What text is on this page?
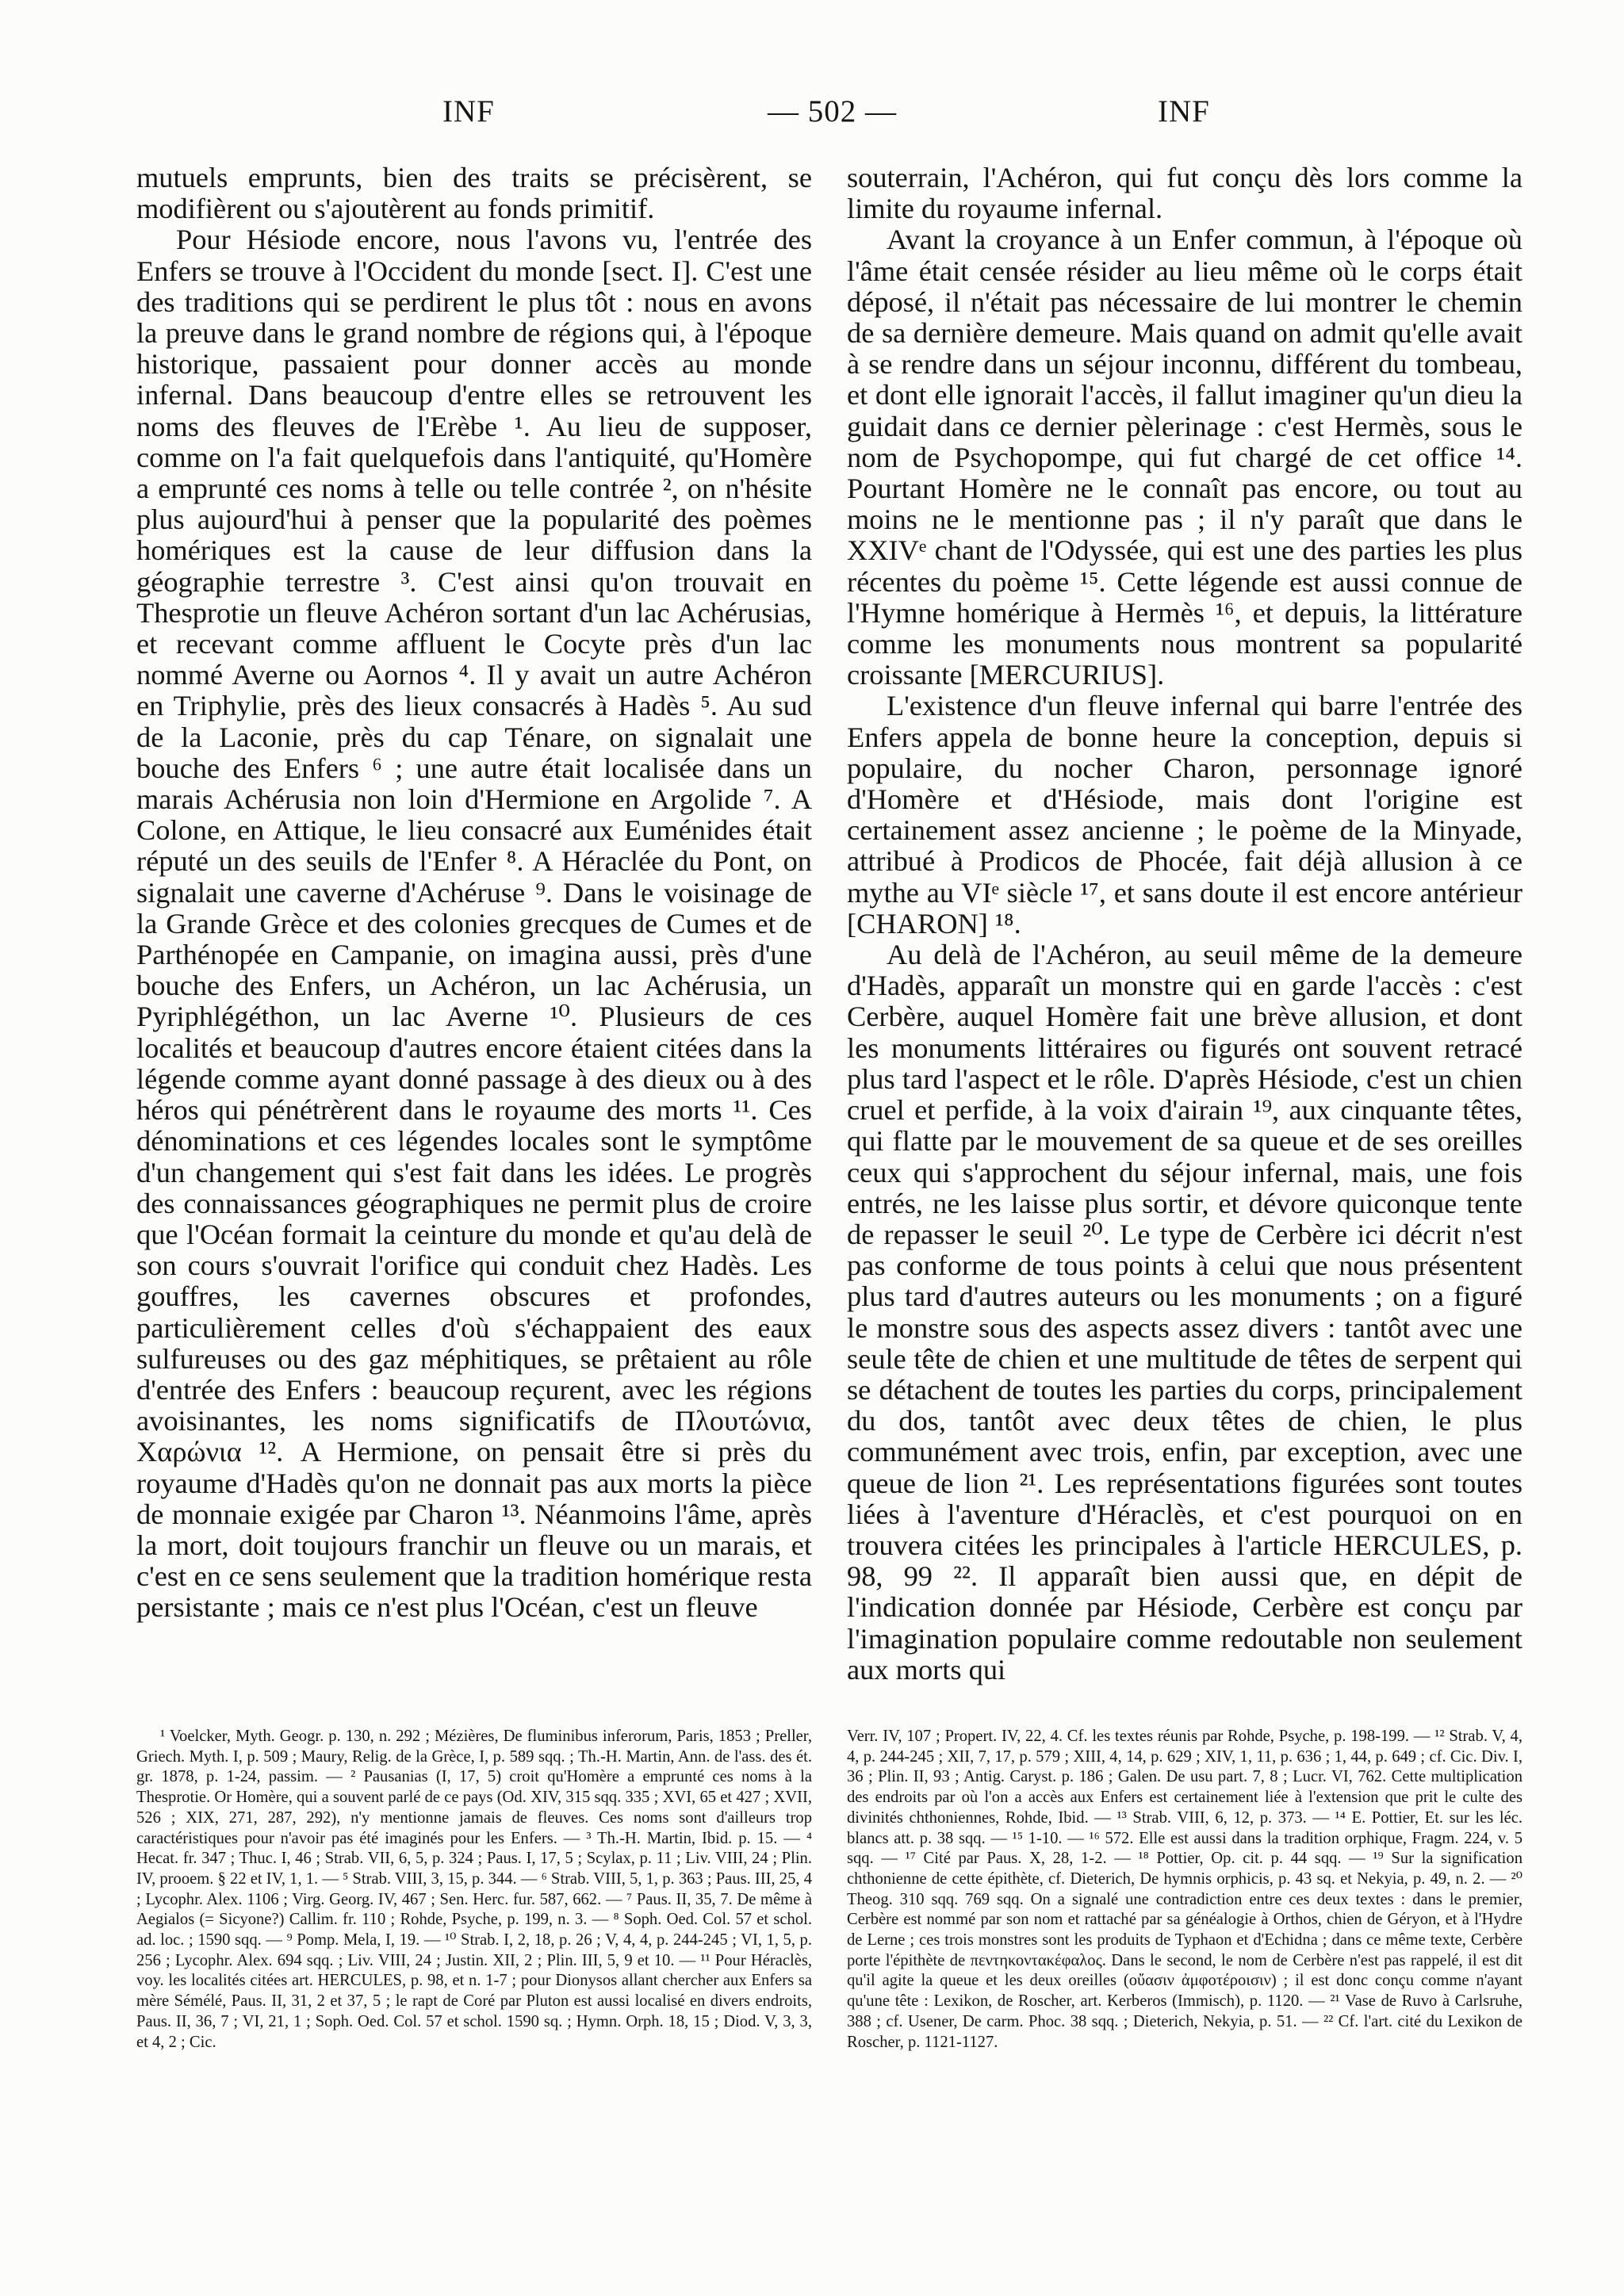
INF	— 502 —	INF

mutuels emprunts, bien des traits se précisèrent, se modifièrent ou s'ajoutèrent au fonds primitif.

Pour Hésiode encore, nous l'avons vu, l'entrée des Enfers se trouve à l'Occident du monde [sect. I]. C'est une des traditions qui se perdirent le plus tôt : nous en avons la preuve dans le grand nombre de régions qui, à l'époque historique, passaient pour donner accès au monde infernal. Dans beaucoup d'entre elles se retrouvent les noms des fleuves de l'Erèbe ¹. Au lieu de supposer, comme on l'a fait quelquefois dans l'antiquité, qu'Homère a emprunté ces noms à telle ou telle contrée ², on n'hésite plus aujourd'hui à penser que la popularité des poèmes homériques est la cause de leur diffusion dans la géographie terrestre ³. C'est ainsi qu'on trouvait en Thesprotie un fleuve Achéron sortant d'un lac Achérusias, et recevant comme affluent le Cocyte près d'un lac nommé Averne ou Aornos ⁴. Il y avait un autre Achéron en Triphylie, près des lieux consacrés à Hadès ⁵. Au sud de la Laconie, près du cap Ténare, on signalait une bouche des Enfers ⁶ ; une autre était localisée dans un marais Achérusia non loin d'Hermione en Argolide ⁷. A Colone, en Attique, le lieu consacré aux Euménides était réputé un des seuils de l'Enfer ⁸. A Héraclée du Pont, on signalait une caverne d'Achéruse ⁹. Dans le voisinage de la Grande Grèce et des colonies grecques de Cumes et de Parthénopée en Campanie, on imagina aussi, près d'une bouche des Enfers, un Achéron, un lac Achérusia, un Pyriphlégéthon, un lac Averne ¹⁰. Plusieurs de ces localités et beaucoup d'autres encore étaient citées dans la légende comme ayant donné passage à des dieux ou à des héros qui pénétrèrent dans le royaume des morts ¹¹. Ces dénominations et ces légendes locales sont le symptôme d'un changement qui s'est fait dans les idées. Le progrès des connaissances géographiques ne permit plus de croire que l'Océan formait la ceinture du monde et qu'au delà de son cours s'ouvrait l'orifice qui conduit chez Hadès. Les gouffres, les cavernes obscures et profondes, particulièrement celles d'où s'échappaient des eaux sulfureuses ou des gaz méphitiques, se prêtaient au rôle d'entrée des Enfers : beaucoup reçurent, avec les régions avoisinantes, les noms significatifs de Πλουτώνια, Χαρώνια ¹². A Hermione, on pensait être si près du royaume d'Hadès qu'on ne donnait pas aux morts la pièce de monnaie exigée par Charon ¹³. Néanmoins l'âme, après la mort, doit toujours franchir un fleuve ou un marais, et c'est en ce sens seulement que la tradition homérique resta persistante ; mais ce n'est plus l'Océan, c'est un fleuve

souterrain, l'Achéron, qui fut conçu dès lors comme la limite du royaume infernal.

Avant la croyance à un Enfer commun, à l'époque où l'âme était censée résider au lieu même où le corps était déposé, il n'était pas nécessaire de lui montrer le chemin de sa dernière demeure. Mais quand on admit qu'elle avait à se rendre dans un séjour inconnu, différent du tombeau, et dont elle ignorait l'accès, il fallut imaginer qu'un dieu la guidait dans ce dernier pèlerinage : c'est Hermès, sous le nom de Psychopompe, qui fut chargé de cet office ¹⁴. Pourtant Homère ne le connaît pas encore, ou tout au moins ne le mentionne pas ; il n'y paraît que dans le XXIVᵉ chant de l'Odyssée, qui est une des parties les plus récentes du poème ¹⁵. Cette légende est aussi connue de l'Hymne homérique à Hermès ¹⁶, et depuis, la littérature comme les monuments nous montrent sa popularité croissante [MERCURIUS].

L'existence d'un fleuve infernal qui barre l'entrée des Enfers appela de bonne heure la conception, depuis si populaire, du nocher Charon, personnage ignoré d'Homère et d'Hésiode, mais dont l'origine est certainement assez ancienne ; le poème de la Minyade, attribué à Prodicos de Phocée, fait déjà allusion à ce mythe au VIᵉ siècle ¹⁷, et sans doute il est encore antérieur [CHARON] ¹⁸.

Au delà de l'Achéron, au seuil même de la demeure d'Hadès, apparaît un monstre qui en garde l'accès : c'est Cerbère, auquel Homère fait une brève allusion, et dont les monuments littéraires ou figurés ont souvent retracé plus tard l'aspect et le rôle. D'après Hésiode, c'est un chien cruel et perfide, à la voix d'airain ¹⁹, aux cinquante têtes, qui flatte par le mouvement de sa queue et de ses oreilles ceux qui s'approchent du séjour infernal, mais, une fois entrés, ne les laisse plus sortir, et dévore quiconque tente de repasser le seuil ²⁰. Le type de Cerbère ici décrit n'est pas conforme de tous points à celui que nous présentent plus tard d'autres auteurs ou les monuments ; on a figuré le monstre sous des aspects assez divers : tantôt avec une seule tête de chien et une multitude de têtes de serpent qui se détachent de toutes les parties du corps, principalement du dos, tantôt avec deux têtes de chien, le plus communément avec trois, enfin, par exception, avec une queue de lion ²¹. Les représentations figurées sont toutes liées à l'aventure d'Héraclès, et c'est pourquoi on en trouvera citées les principales à l'article HERCULES, p. 98, 99 ²². Il apparaît bien aussi que, en dépit de l'indication donnée par Hésiode, Cerbère est conçu par l'imagination populaire comme redoutable non seulement aux morts qui

¹ Voelcker, Myth. Geogr. p. 130, n. 292 ; Mézières, De fluminibus inferorum, Paris, 1853 ; Preller, Griech. Myth. I, p. 509 ; Maury, Relig. de la Grèce, I, p. 589 sqq. ; Th.-H. Martin, Ann. de l'ass. des ét. gr. 1878, p. 1-24, passim. — ² Pausanias (I, 17, 5) croit qu'Homère a emprunté ces noms à la Thesprotie. Or Homère, qui a souvent parlé de ce pays (Od. XIV, 315 sqq. 335 ; XVI, 65 et 427 ; XVII, 526 ; XIX, 271, 287, 292), n'y mentionne jamais de fleuves. Ces noms sont d'ailleurs trop caractéristiques pour n'avoir pas été imaginés pour les Enfers. — ³ Th.-H. Martin, Ibid. p. 15. — ⁴ Hecat. fr. 347 ; Thuc. I, 46 ; Strab. VII, 6, 5, p. 324 ; Paus. I, 17, 5 ; Scylax, p. 11 ; Liv. VIII, 24 ; Plin. IV, prooem. § 22 et IV, 1, 1. — ⁵ Strab. VIII, 3, 15, p. 344. — ⁶ Strab. VIII, 5, 1, p. 363 ; Paus. III, 25, 4 ; Lycophr. Alex. 1106 ; Virg. Georg. IV, 467 ; Sen. Herc. fur. 587, 662. — ⁷ Paus. II, 35, 7. De même à Aegialos (= Sicyone?) Callim. fr. 110 ; Rohde, Psyche, p. 199, n. 3. — ⁸ Soph. Oed. Col. 57 et schol. ad. loc. ; 1590 sqq. — ⁹ Pomp. Mela, I, 19. — ¹⁰ Strab. I, 2, 18, p. 26 ; V, 4, 4, p. 244-245 ; VI, 1, 5, p. 256 ; Lycophr. Alex. 694 sqq. ; Liv. VIII, 24 ; Justin. XII, 2 ; Plin. III, 5, 9 et 10. — ¹¹ Pour Héraclès, voy. les localités citées art. HERCULES, p. 98, et n. 1-7 ; pour Dionysos allant chercher aux Enfers sa mère Sémélé, Paus. II, 31, 2 et 37, 5 ; le rapt de Coré par Pluton est aussi localisé en divers endroits, Paus. II, 36, 7 ; VI, 21, 1 ; Soph. Oed. Col. 57 et schol. 1590 sq. ; Hymn. Orph. 18, 15 ; Diod. V, 3, 3, et 4, 2 ; Cic.

Verr. IV, 107 ; Propert. IV, 22, 4. Cf. les textes réunis par Rohde, Psyche, p. 198-199. — ¹² Strab. V, 4, 4, p. 244-245 ; XII, 7, 17, p. 579 ; XIII, 4, 14, p. 629 ; XIV, 1, 11, p. 636 ; 1, 44, p. 649 ; cf. Cic. Div. I, 36 ; Plin. II, 93 ; Antig. Caryst. p. 186 ; Galen. De usu part. 7, 8 ; Lucr. VI, 762. Cette multiplication des endroits par où l'on a accès aux Enfers est certainement liée à l'extension que prit le culte des divinités chthoniennes, Rohde, Ibid. — ¹³ Strab. VIII, 6, 12, p. 373. — ¹⁴ E. Pottier, Et. sur les léc. blancs att. p. 38 sqq. — ¹⁵ 1-10. — ¹⁶ 572. Elle est aussi dans la tradition orphique, Fragm. 224, v. 5 sqq. — ¹⁷ Cité par Paus. X, 28, 1-2. — ¹⁸ Pottier, Op. cit. p. 44 sqq. — ¹⁹ Sur la signification chthonienne de cette épithète, cf. Dieterich, De hymnis orphicis, p. 43 sq. et Nekyia, p. 49, n. 2. — ²⁰ Theog. 310 sqq. 769 sqq. On a signalé une contradiction entre ces deux textes : dans le premier, Cerbère est nommé par son nom et rattaché par sa généalogie à Orthos, chien de Géryon, et à l'Hydre de Lerne ; ces trois monstres sont les produits de Typhaon et d'Echidna ; dans ce même texte, Cerbère porte l'épithète de πεντηκοντακέφαλος. Dans le second, le nom de Cerbère n'est pas rappelé, il est dit qu'il agite la queue et les deux oreilles (οὔασιν ἀμφοτέροισιν) ; il est donc conçu comme n'ayant qu'une tête : Lexikon, de Roscher, art. Kerberos (Immisch), p. 1120. — ²¹ Vase de Ruvo à Carlsruhe, 388 ; cf. Usener, De carm. Phoc. 38 sqq. ; Dieterich, Nekyia, p. 51. — ²² Cf. l'art. cité du Lexikon de Roscher, p. 1121-1127.
